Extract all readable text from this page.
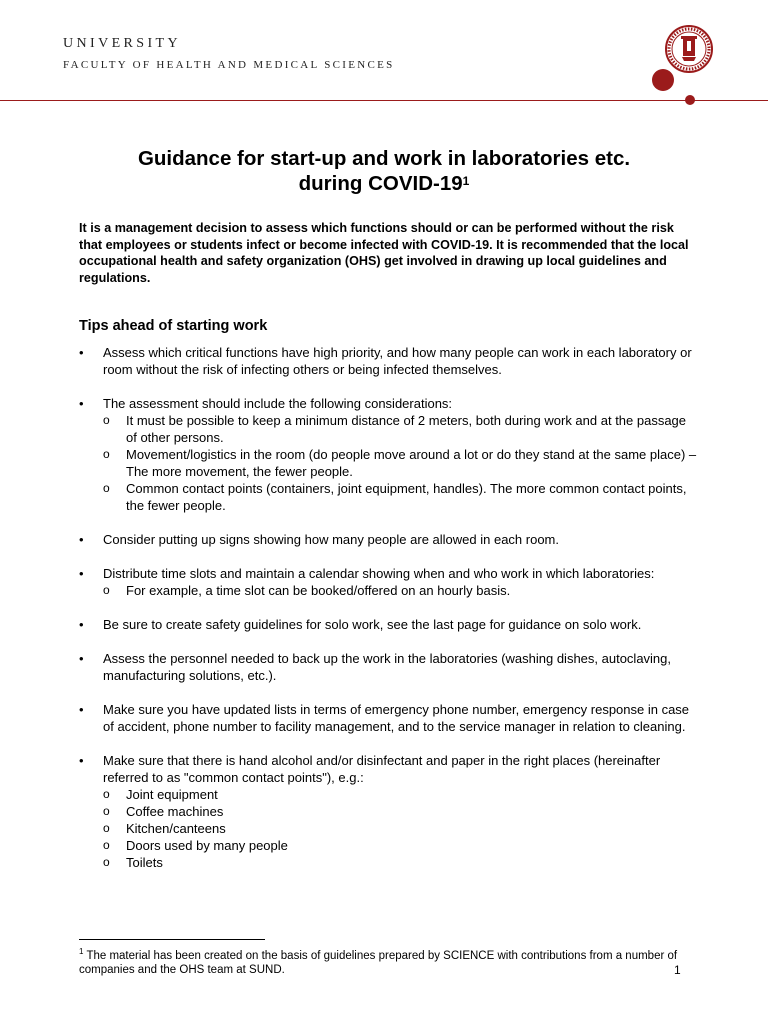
UNIVERSITY
FACULTY OF HEALTH AND MEDICAL SCIENCES
Guidance for start-up and work in laboratories etc.
during COVID-$19^1$
It is a management decision to assess which functions should or can be performed without the risk that employees or students infect or become infected with COVID-19. It is recommended that the local occupational health and safety organization (OHS) get involved in drawing up local guidelines and regulations.
Tips ahead of starting work
• Assess which critical functions have high priority, and how many people can work in each laboratory or room without the risk of infecting others or being infected themselves.
• The assessment should include the following considerations:
o It must be possible to keep a minimum distance of 2 meters, both during work and at the passage of other persons.
o Movement/logistics in the room (do people move around a lot or do they stand at the same place) – The more movement, the fewer people.
o Common contact points (containers, joint equipment, handles). The more common contact points, the fewer people.
• Consider putting up signs showing how many people are allowed in each room.
• Distribute time slots and maintain a calendar showing when and who work in which laboratories:
o For example, a time slot can be booked/offered on an hourly basis.
• Be sure to create safety guidelines for solo work, see the last page for guidance on solo work.
• Assess the personnel needed to back up the work in the laboratories (washing dishes, autoclaving, manufacturing solutions, etc.).
• Make sure you have updated lists in terms of emergency phone number, emergency response in case of accident, phone number to facility management, and to the service manager in relation to cleaning.
• Make sure that there is hand alcohol and/or disinfectant and paper in the right places (hereinafter referred to as "common contact points"), e.g.:
o Joint equipment
o Coffee machines
o Kitchen/canteens
o Doors used by many people
o Toilets
$^1$ The material has been created on the basis of guidelines prepared by SCIENCE with contributions from a number of companies and the OHS team at SUND.	1
